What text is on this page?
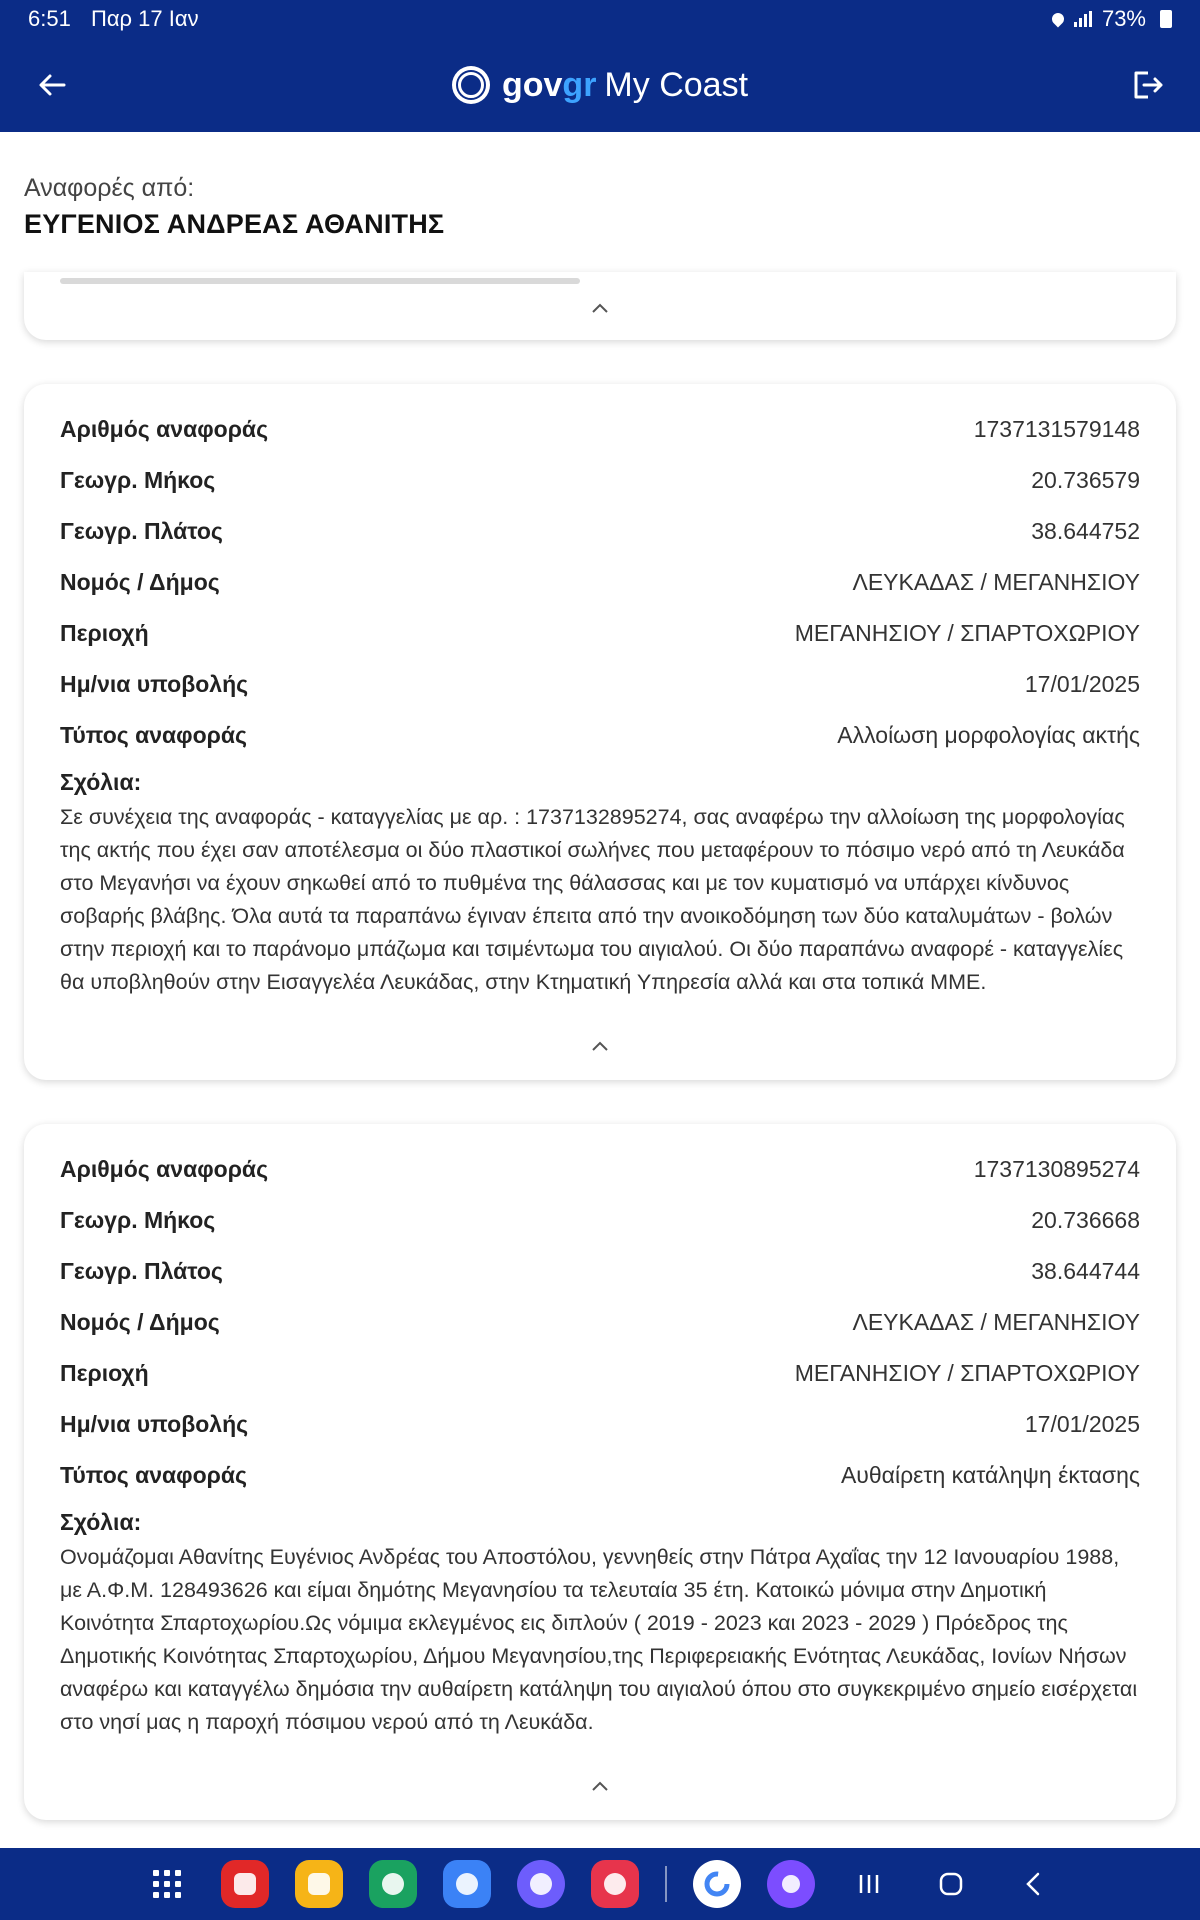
6:51 Παρ 17 Ιαν	73%
govgr My Coast
Αναφορές από:
ΕΥΓΕΝΙΟΣ ΑΝΔΡΕΑΣ ΑΘΑΝΙΤΗΣ
Αριθμός αναφοράς	1737131579148
Γεωγρ. Μήκος	20.736579
Γεωγρ. Πλάτος	38.644752
Νομός / Δήμος	ΛΕΥΚΑΔΑΣ / ΜΕΓΑΝΗΣΙΟΥ
Περιοχή	ΜΕΓΑΝΗΣΙΟΥ / ΣΠΑΡΤΟΧΩΡΙΟΥ
Ημ/νια υποβολής	17/01/2025
Τύπος αναφοράς	Αλλοίωση μορφολογίας ακτής
Σχόλια:
Σε συνέχεια της αναφοράς - καταγγελίας με αρ. : 1737132895274, σας αναφέρω την αλλοίωση της μορφολογίας της ακτής που έχει σαν αποτέλεσμα οι δύο πλαστικοί σωλήνες που μεταφέρουν το πόσιμο νερό από τη Λευκάδα στο Μεγανήσι να έχουν σηκωθεί από το πυθμένα της θάλασσας και με τον κυματισμό να υπάρχει κίνδυνος σοβαρής βλάβης. Όλα αυτά τα παραπάνω έγιναν έπειτα από την ανοικοδόμηση των δύο καταλυμάτων - βολών στην περιοχή και το παράνομο μπάζωμα και τσιμέντωμα του αιγιαλού. Οι δύο παραπάνω αναφορέ - καταγγελίες θα υποβληθούν στην Εισαγγελέα Λευκάδας, στην Κτηματική Υπηρεσία αλλά και στα τοπικά ΜΜΕ.
Αριθμός αναφοράς	1737130895274
Γεωγρ. Μήκος	20.736668
Γεωγρ. Πλάτος	38.644744
Νομός / Δήμος	ΛΕΥΚΑΔΑΣ / ΜΕΓΑΝΗΣΙΟΥ
Περιοχή	ΜΕΓΑΝΗΣΙΟΥ / ΣΠΑΡΤΟΧΩΡΙΟΥ
Ημ/νια υποβολής	17/01/2025
Τύπος αναφοράς	Αυθαίρετη κατάληψη έκτασης
Σχόλια:
Ονομάζομαι Αθανίτης Ευγένιος Ανδρέας του Αποστόλου, γεννηθείς στην Πάτρα Αχαΐας την 12 Ιανουαρίου 1988, με Α.Φ.Μ. 128493626 και είμαι δημότης Μεγανησίου τα τελευταία 35 έτη. Κατοικώ μόνιμα στην Δημοτική Κοινότητα Σπαρτοχωρίου.Ως νόμιμα εκλεγμένος εις διπλούν ( 2019 - 2023 και 2023 - 2029 ) Πρόεδρος της Δημοτικής Κοινότητας Σπαρτοχωρίου, Δήμου Μεγανησίου,της Περιφερειακής Ενότητας Λευκάδας, Ιονίων Νήσων αναφέρω και καταγγέλω δημόσια την αυθαίρετη κατάληψη του αιγιαλού όπου στο συγκεκριμένο σημείο εισέρχεται στο νησί μας η παροχή πόσιμου νερού από τη Λευκάδα.
